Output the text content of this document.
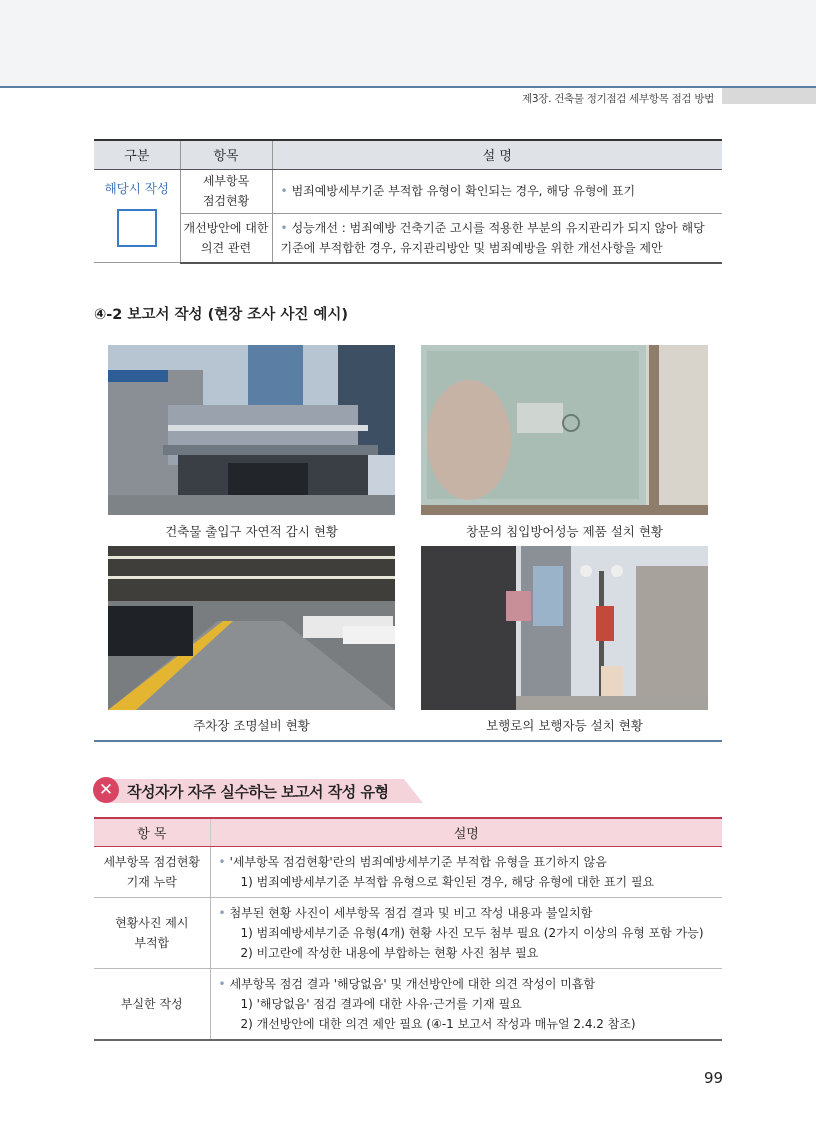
제3장. 건축물 정기점검 세부항목 점검 방법
구분	항목	설 명

해당시 작성	세부항목
점검현황	• 범죄예방세부기준 부적합 유형이 확인되는 경우, 해당 유형에 표기
	개선방안에 대한
의견 관련	• 성능개선 : 범죄예방 건축기준 고시를 적용한 부분의 유지관리가 되지 않아 해당 기준에 부적합한 경우, 유지관리방안 및 범죄예방을 위한 개선사항을 제안
④-2 보고서 작성 (현장 조사 사진 예시)
건축물 출입구 자연적 감시 현황	창문의 침입방어성능 제품 설치 현황
주차장 조명설비 현황	보행로의 보행자등 설치 현황
✕ 작성자가 자주 실수하는 보고서 작성 유형
항 목	설명
세부항목 점검현황
기재 누락	• '세부항목 점검현황'란의 범죄예방세부기준 부적합 유형을 표기하지 않음
1) 범죄예방세부기준 부적합 유형으로 확인된 경우, 해당 유형에 대한 표기 필요

현황사진 제시
부적합	• 첨부된 현황 사진이 세부항목 점검 결과 및 비고 작성 내용과 불일치함
1) 범죄예방세부기준 유형(4개) 현황 사진 모두 첨부 필요 (2가지 이상의 유형 포함 가능)
2) 비고란에 작성한 내용에 부합하는 현황 사진 첨부 필요

부실한 작성	• 세부항목 점검 결과 '해당없음' 및 개선방안에 대한 의견 작성이 미흡함
1) '해당없음' 점검 결과에 대한 사유·근거를 기재 필요
2) 개선방안에 대한 의견 제안 필요 (④-1 보고서 작성과 매뉴얼 2.4.2 참조)
99
